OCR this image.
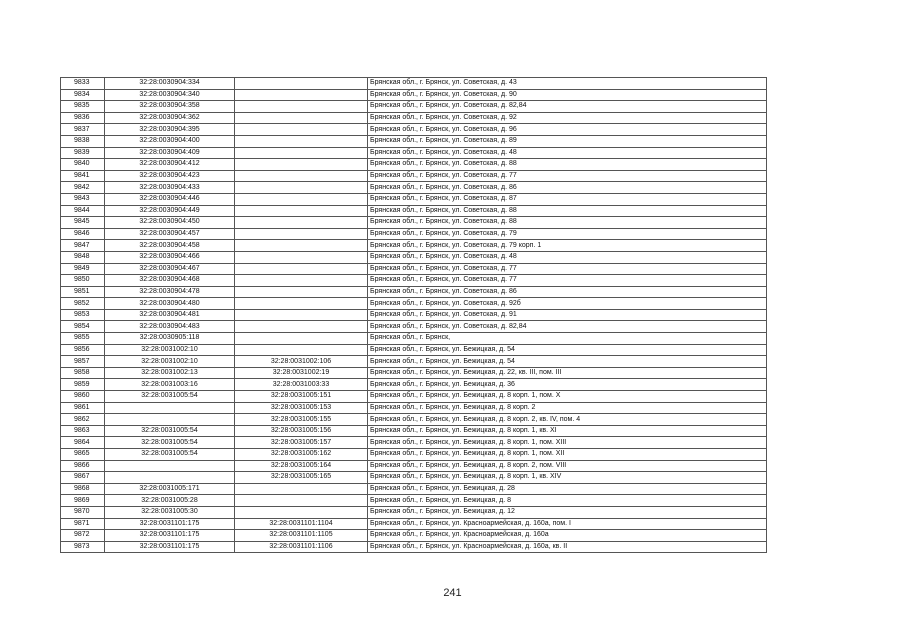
9833	32:28:0030904:334		Брянская обл., г. Брянск, ул. Советская, д. 43
9834	32:28:0030904:340		Брянская обл., г. Брянск, ул. Советская, д. 90
9835	32:28:0030904:358		Брянская обл., г. Брянск, ул. Советская, д. 82,84
9836	32:28:0030904:362		Брянская обл., г. Брянск, ул. Советская, д. 92
9837	32:28:0030904:395		Брянская обл., г. Брянск, ул. Советская, д. 96
9838	32:28:0030904:400		Брянская обл., г. Брянск, ул. Советская, д. 89
9839	32:28:0030904:409		Брянская обл., г. Брянск, ул. Советская, д. 48
9840	32:28:0030904:412		Брянская обл., г. Брянск, ул. Советская, д. 88
9841	32:28:0030904:423		Брянская обл., г. Брянск, ул. Советская, д. 77
9842	32:28:0030904:433		Брянская обл., г. Брянск, ул. Советская, д. 86
9843	32:28:0030904:446		Брянская обл., г. Брянск, ул. Советская, д. 87
9844	32:28:0030904:449		Брянская обл., г. Брянск, ул. Советская, д. 88
9845	32:28:0030904:450		Брянская обл., г. Брянск, ул. Советская, д. 88
9846	32:28:0030904:457		Брянская обл., г. Брянск, ул. Советская, д. 79
9847	32:28:0030904:458		Брянская обл., г. Брянск, ул. Советская, д. 79 корп. 1
9848	32:28:0030904:466		Брянская обл., г. Брянск, ул. Советская, д. 48
9849	32:28:0030904:467		Брянская обл., г. Брянск, ул. Советская, д. 77
9850	32:28:0030904:468		Брянская обл., г. Брянск, ул. Советская, д. 77
9851	32:28:0030904:478		Брянская обл., г. Брянск, ул. Советская, д. 86
9852	32:28:0030904:480		Брянская обл., г. Брянск, ул. Советская, д. 92б
9853	32:28:0030904:481		Брянская обл., г. Брянск, ул. Советская, д. 91
9854	32:28:0030904:483		Брянская обл., г. Брянск, ул. Советская, д. 82,84
9855	32:28:0030905:118		Брянская обл., г. Брянск,
9856	32:28:0031002:10		Брянская обл., г. Брянск, ул. Бежицкая, д. 54
9857	32:28:0031002:10	32:28:0031002:106	Брянская обл., г. Брянск, ул. Бежицкая, д. 54
9858	32:28:0031002:13	32:28:0031002:19	Брянская обл., г. Брянск, ул. Бежицкая, д. 22, кв. III, пом. III
9859	32:28:0031003:16	32:28:0031003:33	Брянская обл., г. Брянск, ул. Бежицкая, д. 36
9860	32:28:0031005:54	32:28:0031005:151	Брянская обл., г. Брянск, ул. Бежицкая, д. 8 корп. 1, пом. X
9861		32:28:0031005:153	Брянская обл., г. Брянск, ул. Бежицкая, д. 8 корп. 2
9862		32:28:0031005:155	Брянская обл., г. Брянск, ул. Бежицкая, д. 8 корп. 2, кв. IV, пом. 4
9863	32:28:0031005:54	32:28:0031005:156	Брянская обл., г. Брянск, ул. Бежицкая, д. 8 корп. 1, кв. XI
9864	32:28:0031005:54	32:28:0031005:157	Брянская обл., г. Брянск, ул. Бежицкая, д. 8 корп. 1, пом. XIII
9865	32:28:0031005:54	32:28:0031005:162	Брянская обл., г. Брянск, ул. Бежицкая, д. 8 корп. 1, пом. XII
9866		32:28:0031005:164	Брянская обл., г. Брянск, ул. Бежицкая, д. 8 корп. 2, пом. VIII
9867		32:28:0031005:165	Брянская обл., г. Брянск, ул. Бежицкая, д. 8 корп. 1, кв. XIV
9868	32:28:0031005:171		Брянская обл., г. Брянск, ул. Бежицкая, д. 28
9869	32:28:0031005:28		Брянская обл., г. Брянск, ул. Бежицкая, д. 8
9870	32:28:0031005:30		Брянская обл., г. Брянск, ул. Бежицкая, д. 12
9871	32:28:0031101:175	32:28:0031101:1104	Брянская обл., г. Брянск, ул. Красноармейская, д. 160а, пом. I
9872	32:28:0031101:175	32:28:0031101:1105	Брянская обл., г. Брянск, ул. Красноармейская, д. 160а
9873	32:28:0031101:175	32:28:0031101:1106	Брянская обл., г. Брянск, ул. Красноармейская, д. 160а, кв. II
241
